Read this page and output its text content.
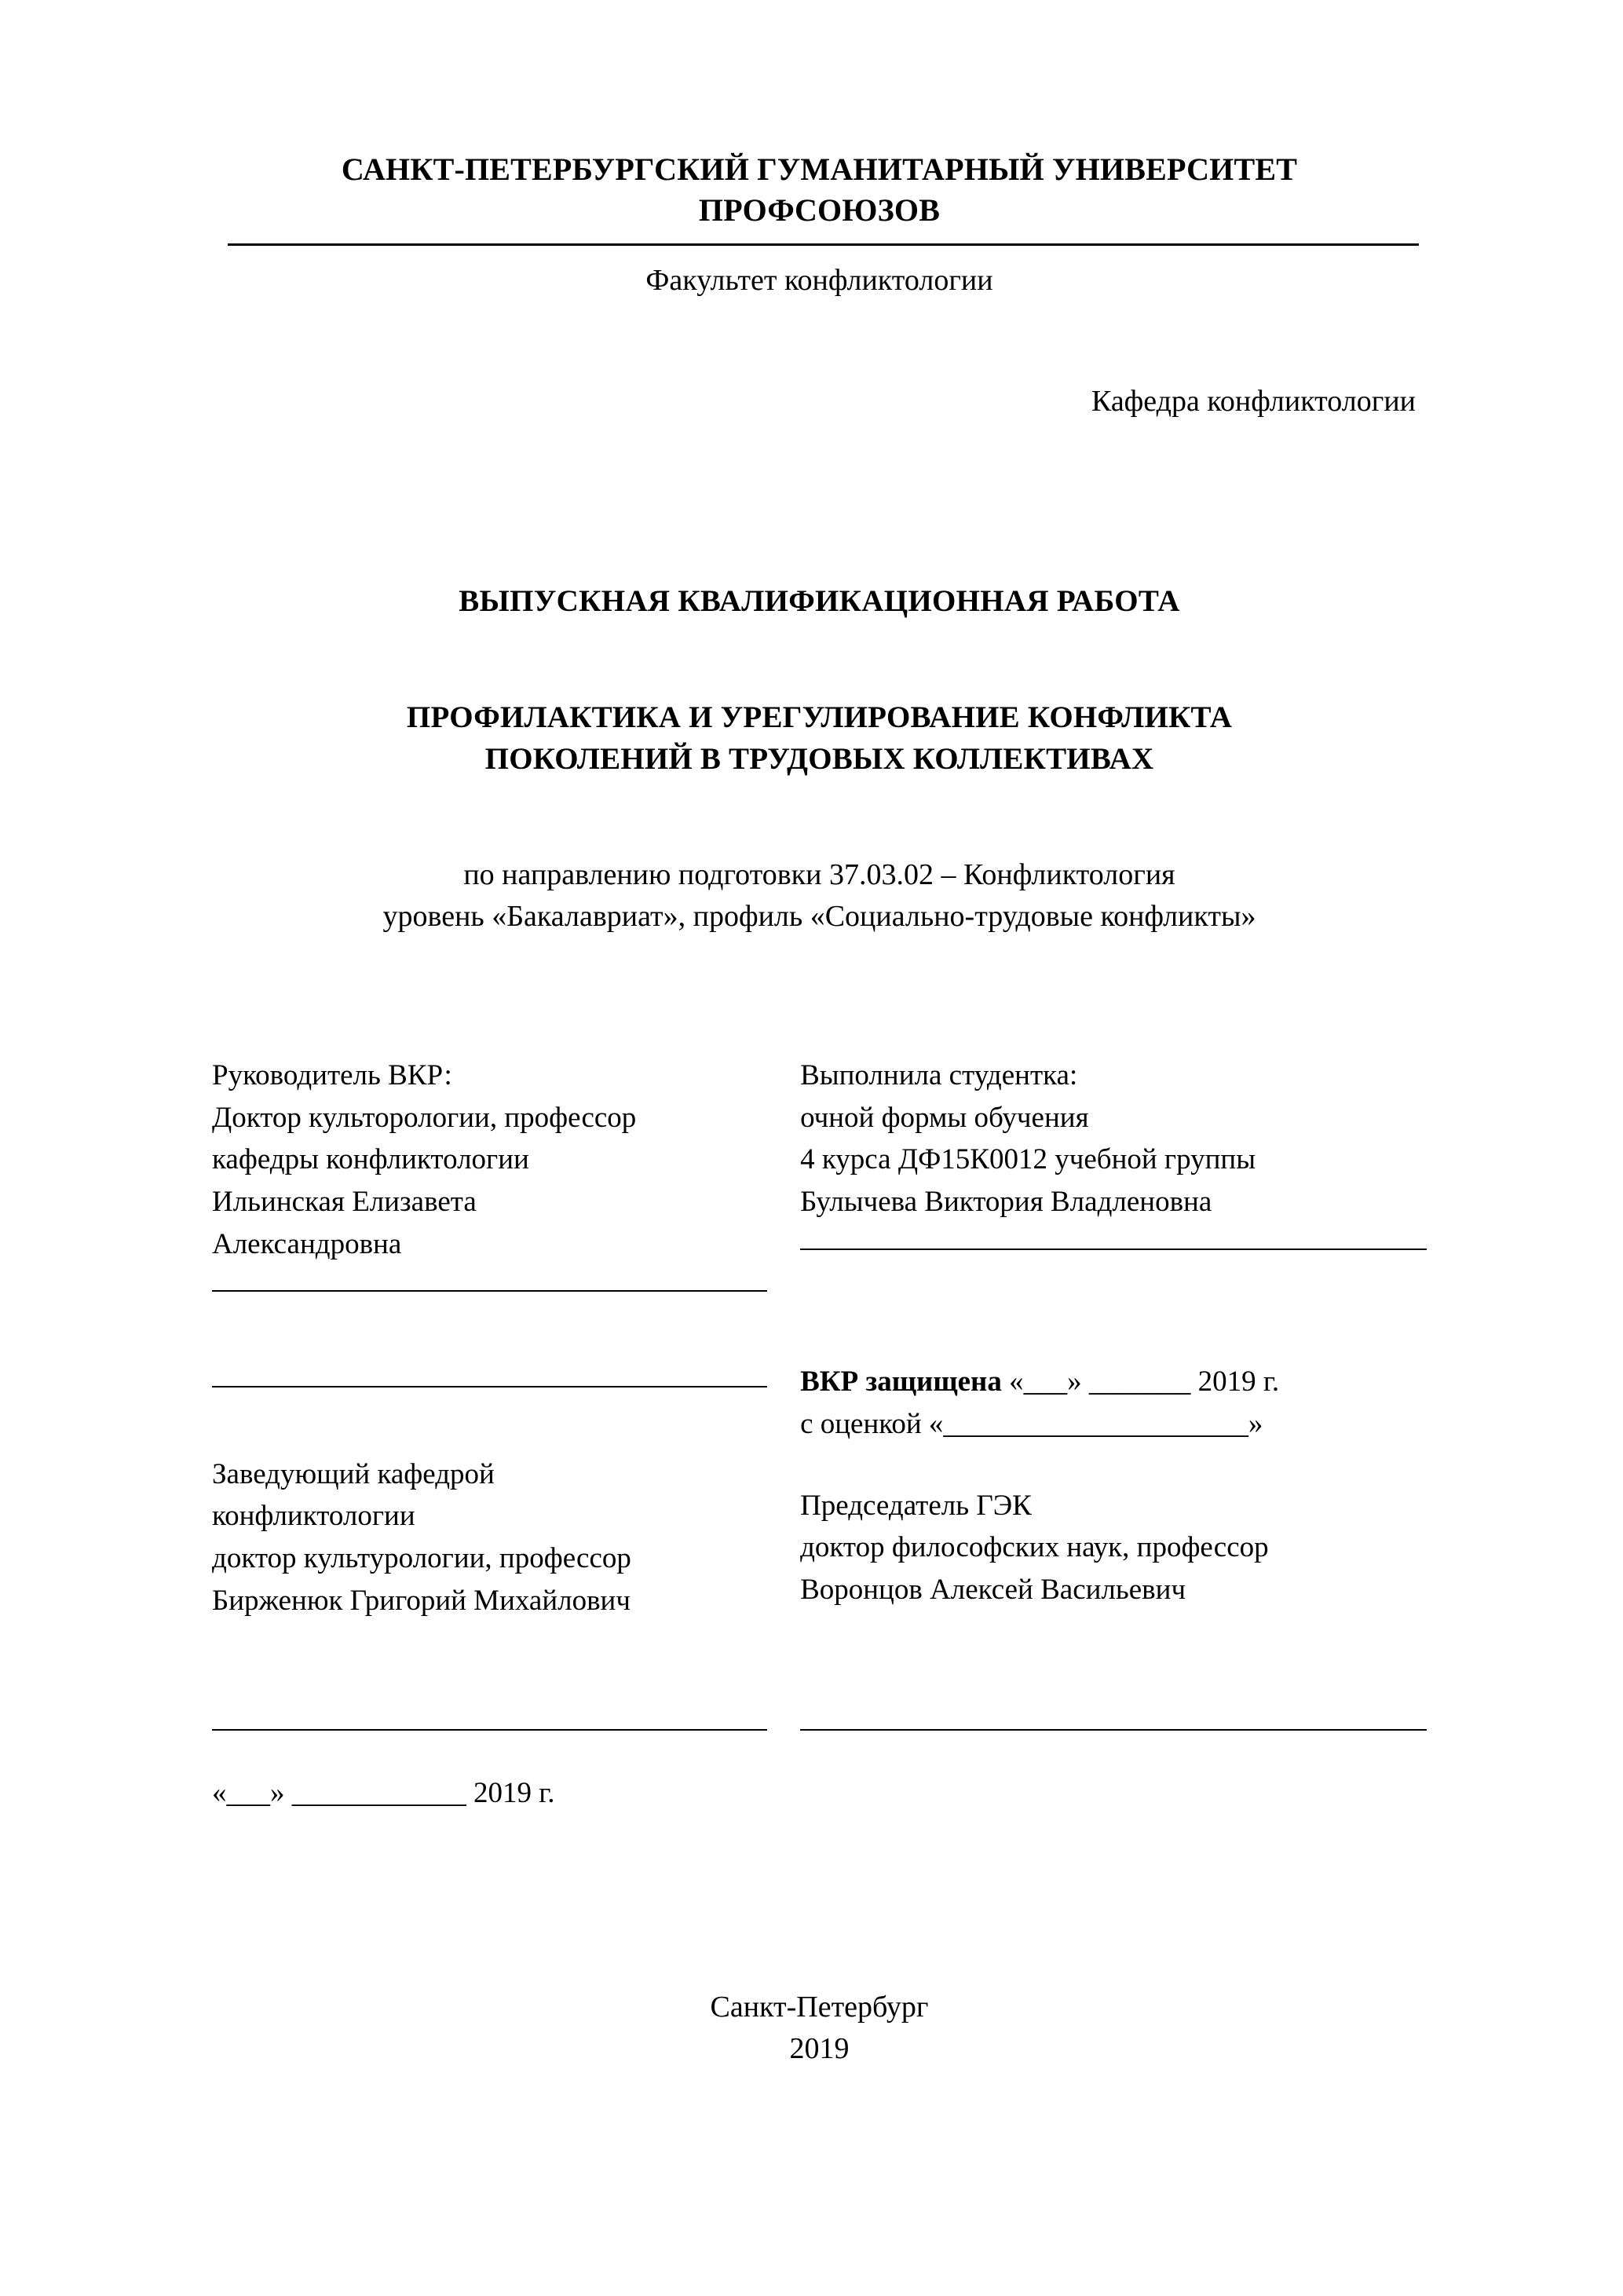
САНКТ-ПЕТЕРБУРГСКИЙ ГУМАНИТАРНЫЙ УНИВЕРСИТЕТ
ПРОФСОЮЗОВ
Факультет конфликтологии
Кафедра конфликтологии
ВЫПУСКНАЯ КВАЛИФИКАЦИОННАЯ РАБОТА
ПРОФИЛАКТИКА И УРЕГУЛИРОВАНИЕ КОНФЛИКТА
ПОКОЛЕНИЙ В ТРУДОВЫХ КОЛЛЕКТИВАХ
по направлению подготовки 37.03.02 – Конфликтология
уровень «Бакалавриат», профиль «Социально-трудовые конфликты»
Руководитель ВКР:
Доктор культорологии, профессор
кафедры конфликтологии
Ильинская Елизавета
Александровна
Выполнила студентка:
очной формы обучения
4 курса ДФ15К0012 учебной группы
Булычева Виктория Владленовна
ВКР защищена «___» _______ 2019 г.
с оценкой «_____________________»
Заведующий кафедрой
конфликтологии
доктор культурологии, профессор
Бирженюк Григорий Михайлович
Председатель ГЭК
доктор философских наук, профессор
Воронцов Алексей Васильевич
«___» ____________ 2019 г.
Санкт-Петербург
2019
